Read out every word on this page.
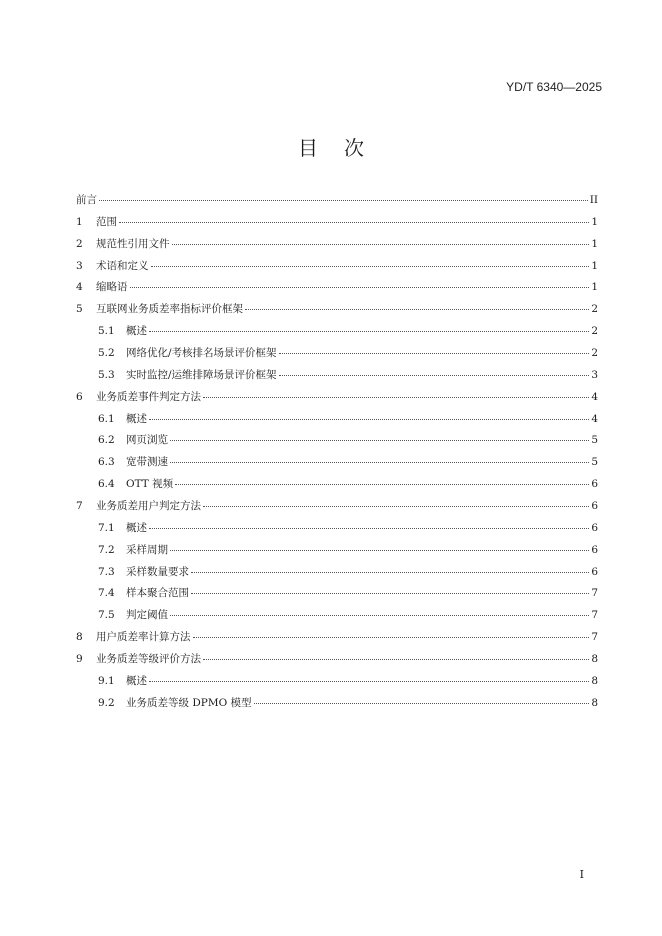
YD/T 6340—2025
目次
前言	II
1	范围	1
2	规范性引用文件	1
3	术语和定义	1
4	缩略语	1
5	互联网业务质差率指标评价框架	2
5.1	概述	2
5.2	网络优化/考核排名场景评价框架	2
5.3	实时监控/运维排障场景评价框架	3
6	业务质差事件判定方法	4
6.1	概述	4
6.2	网页浏览	5
6.3	宽带测速	5
6.4	OTT 视频	6
7	业务质差用户判定方法	6
7.1	概述	6
7.2	采样周期	6
7.3	采样数量要求	6
7.4	样本聚合范围	7
7.5	判定阈值	7
8	用户质差率计算方法	7
9	业务质差等级评价方法	8
9.1	概述	8
9.2	业务质差等级 DPMO 模型	8
I
